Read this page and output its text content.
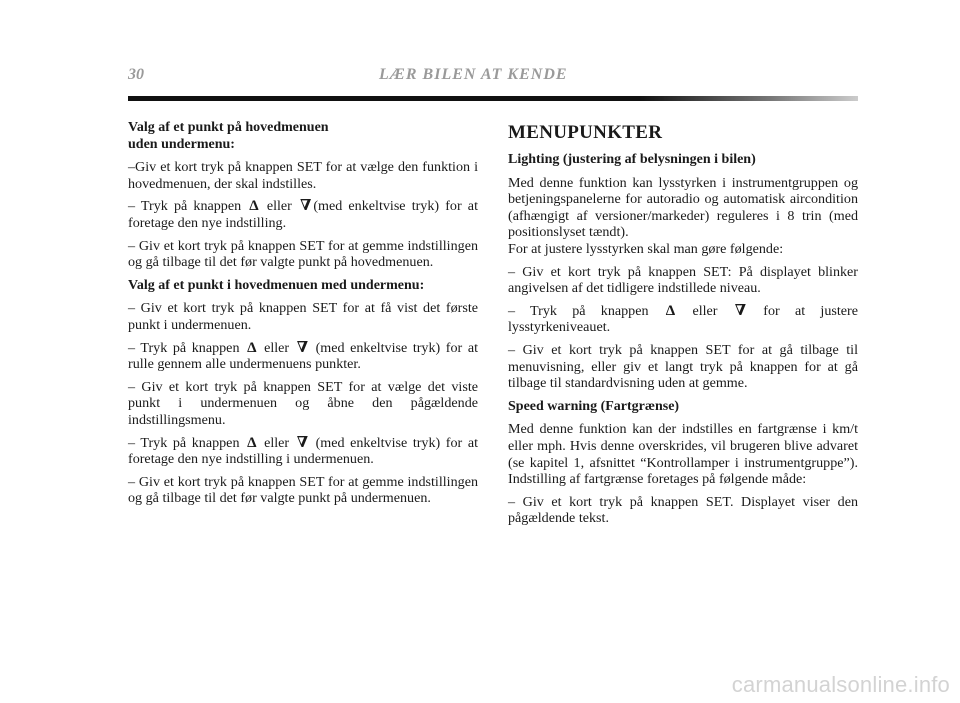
30	LÆR BILEN AT KENDE
Valg af et punkt på hovedmenuen
uden undermenu:

–Giv et kort tryk på knappen SET for at vælge den funktion i hovedmenuen, der skal indstilles.

– Tryk på knappen Δ eller ∇ (med enkeltvise tryk) for at foretage den nye indstilling.

– Giv et kort tryk på knappen SET for at gemme indstillingen og gå tilbage til det før valgte punkt på hovedmenuen.

Valg af et punkt i hovedmenuen med undermenu:

– Giv et kort tryk på knappen SET for at få vist det første punkt i undermenuen.

– Tryk på knappen Δ eller ∇ (med enkeltvise tryk) for at rulle gennem alle undermenuens punkter.

– Giv et kort tryk på knappen SET for at vælge det viste punkt i undermenuen og åbne den pågældende indstillingsmenu.

– Tryk på knappen Δ eller ∇ (med enkeltvise tryk) for at foretage den nye indstilling i undermenuen.

– Giv et kort tryk på knappen SET for at gemme indstillingen og gå tilbage til det før valgte punkt på undermenuen.

MENUPUNKTER
Lighting (justering af belysningen i bilen)

Med denne funktion kan lysstyrken i instrumentgruppen og betjeningspanelerne for autoradio og automatisk aircondition (afhængigt af versioner/markeder) reguleres i 8 trin (med positionslyset tændt).

For at justere lysstyrken skal man gøre følgende:

– Giv et kort tryk på knappen SET: På displayet blinker angivelsen af det tidligere indstillede niveau.

– Tryk på knappen Δ eller ∇ for at justere lysstyrkeniveauet.

– Giv et kort tryk på knappen SET for at gå tilbage til menuvisning, eller giv et langt tryk på knappen for at gå tilbage til standardvisning uden at gemme.

Speed warning (Fartgrænse)

Med denne funktion kan der indstilles en fartgrænse i km/t eller mph. Hvis denne overskrides, vil brugeren blive advaret (se kapitel 1, afsnittet “Kontrollamper i instrumentgruppe”). Indstilling af fartgrænse foretages på følgende måde:

– Giv et kort tryk på knappen SET. Displayet viser den pågældende tekst.

carmanualsonline.info
